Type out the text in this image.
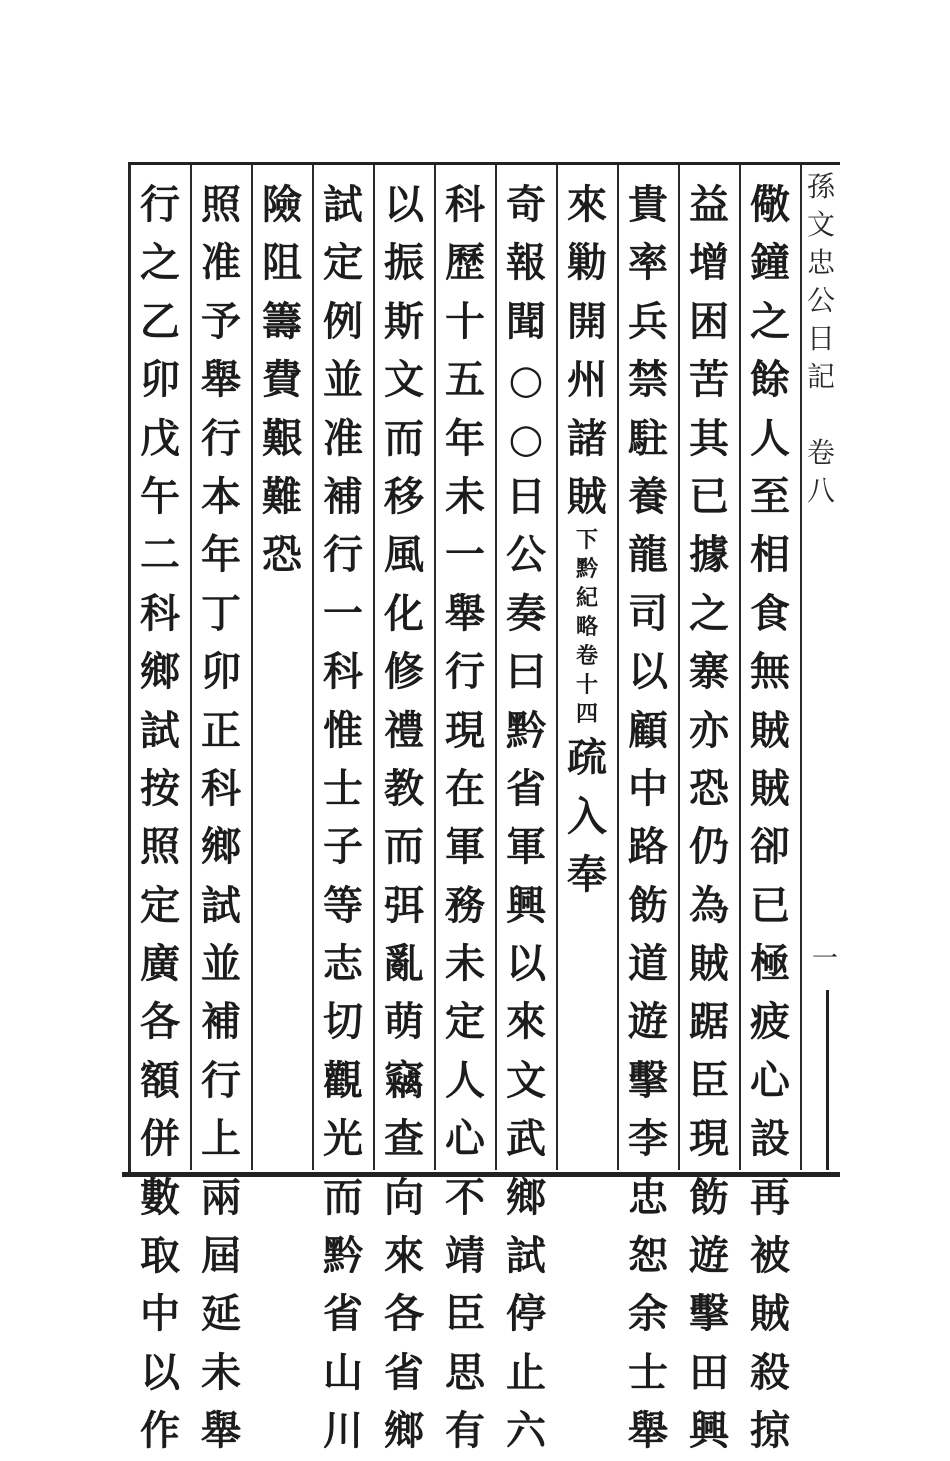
儆
鐘
之
餘
人
至
相
食
無
賊
賊
卻
已
極
疲
心
設
再
被
賊
殺
掠
益
增
困
苦
其
已
據
之
寨
亦
恐
仍
為
賊
踞
臣
現
飭
遊
擊
田
興
貴
率
兵
禁
駐
養
龍
司
以
顧
中
路
飭
道
遊
擊
李
忠
恕
余
士
舉
來
勦
開
州
諸
賊
下
黔
紀
略
卷
十
四
疏
入
奉
奇
報
聞
○
○
日
公
奏
曰
黔
省
軍
興
以
來
文
武
鄉
試
停
止
六
科
歷
十
五
年
未
一
舉
行
現
在
軍
務
未
定
人
心
不
靖
臣
思
有
以
振
斯
文
而
移
風
化
修
禮
教
而
弭
亂
萌
竊
查
向
來
各
省
鄉
試
定
例
並
准
補
行
一
科
惟
士
子
等
志
切
觀
光
而
黔
省
山
川
險
阻
籌
費
艱
難
恐
照
准
予
舉
行
本
年
丁
卯
正
科
鄉
試
並
補
行
上
兩
屆
延
未
舉
行
之
乙
卯
戊
午
二
科
鄉
試
按
照
定
廣
各
額
併
數
取
中
以
作
孫
文
忠
公
日
記

卷
八
一
